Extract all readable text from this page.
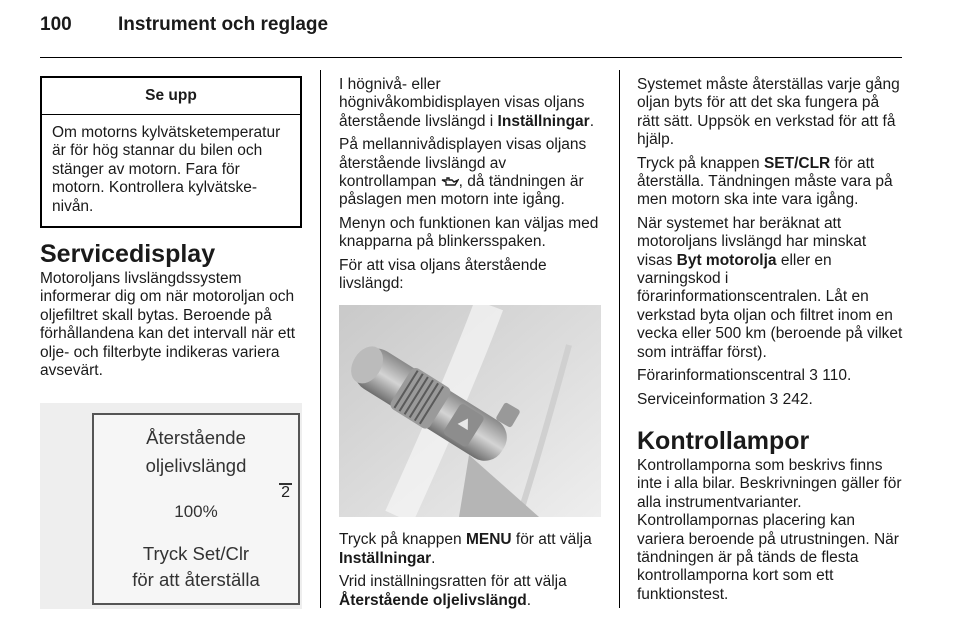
100 Instrument och reglage
Se upp
Om motorns kylvätsketemperatur är för hög stannar du bilen och stänger av motorn. Fara för motorn. Kontrollera kylvätske-nivån.
Servicedisplay

Motoroljans livslängdssystem informerar dig om när motoroljan och oljefiltret skall bytas. Beroende på förhållandena kan det intervall när ett olje- och filterbyte indikeras variera avsevärt.

Återstående
oljelivslängd
2
100%
Tryck Set/Clr
för att återställa

I högnivå- eller högnivåkombidisplayen visas oljans återstående livslängd i Inställningar.

På mellannivådisplayen visas oljans återstående livslängd av kontrollampan , då tändningen är påslagen men motorn inte igång.

Menyn och funktionen kan väljas med knapparna på blinkersspaken.

För att visa oljans återstående livslängd:

Tryck på knappen MENU för att välja Inställningar.

Vrid inställningsratten för att välja Återstående oljelivslängd.

Systemet måste återställas varje gång oljan byts för att det ska fungera på rätt sätt. Uppsök en verkstad för att få hjälp.

Tryck på knappen SET/CLR för att återställa. Tändningen måste vara på men motorn ska inte vara igång.

När systemet har beräknat att motoroljans livslängd har minskat visas Byt motorolja eller en varningskod i förarinformationscentralen. Låt en verkstad byta oljan och filtret inom en vecka eller 500 km (beroende på vilket som inträffar först).

Förarinformationscentral 3 110.

Serviceinformation 3 242.

Kontrollampor

Kontrollamporna som beskrivs finns inte i alla bilar. Beskrivningen gäller för alla instrumentvarianter. Kontrollampornas placering kan variera beroende på utrustningen. När tändningen är på tänds de flesta kontrollamporna kort som ett funktionstest.
